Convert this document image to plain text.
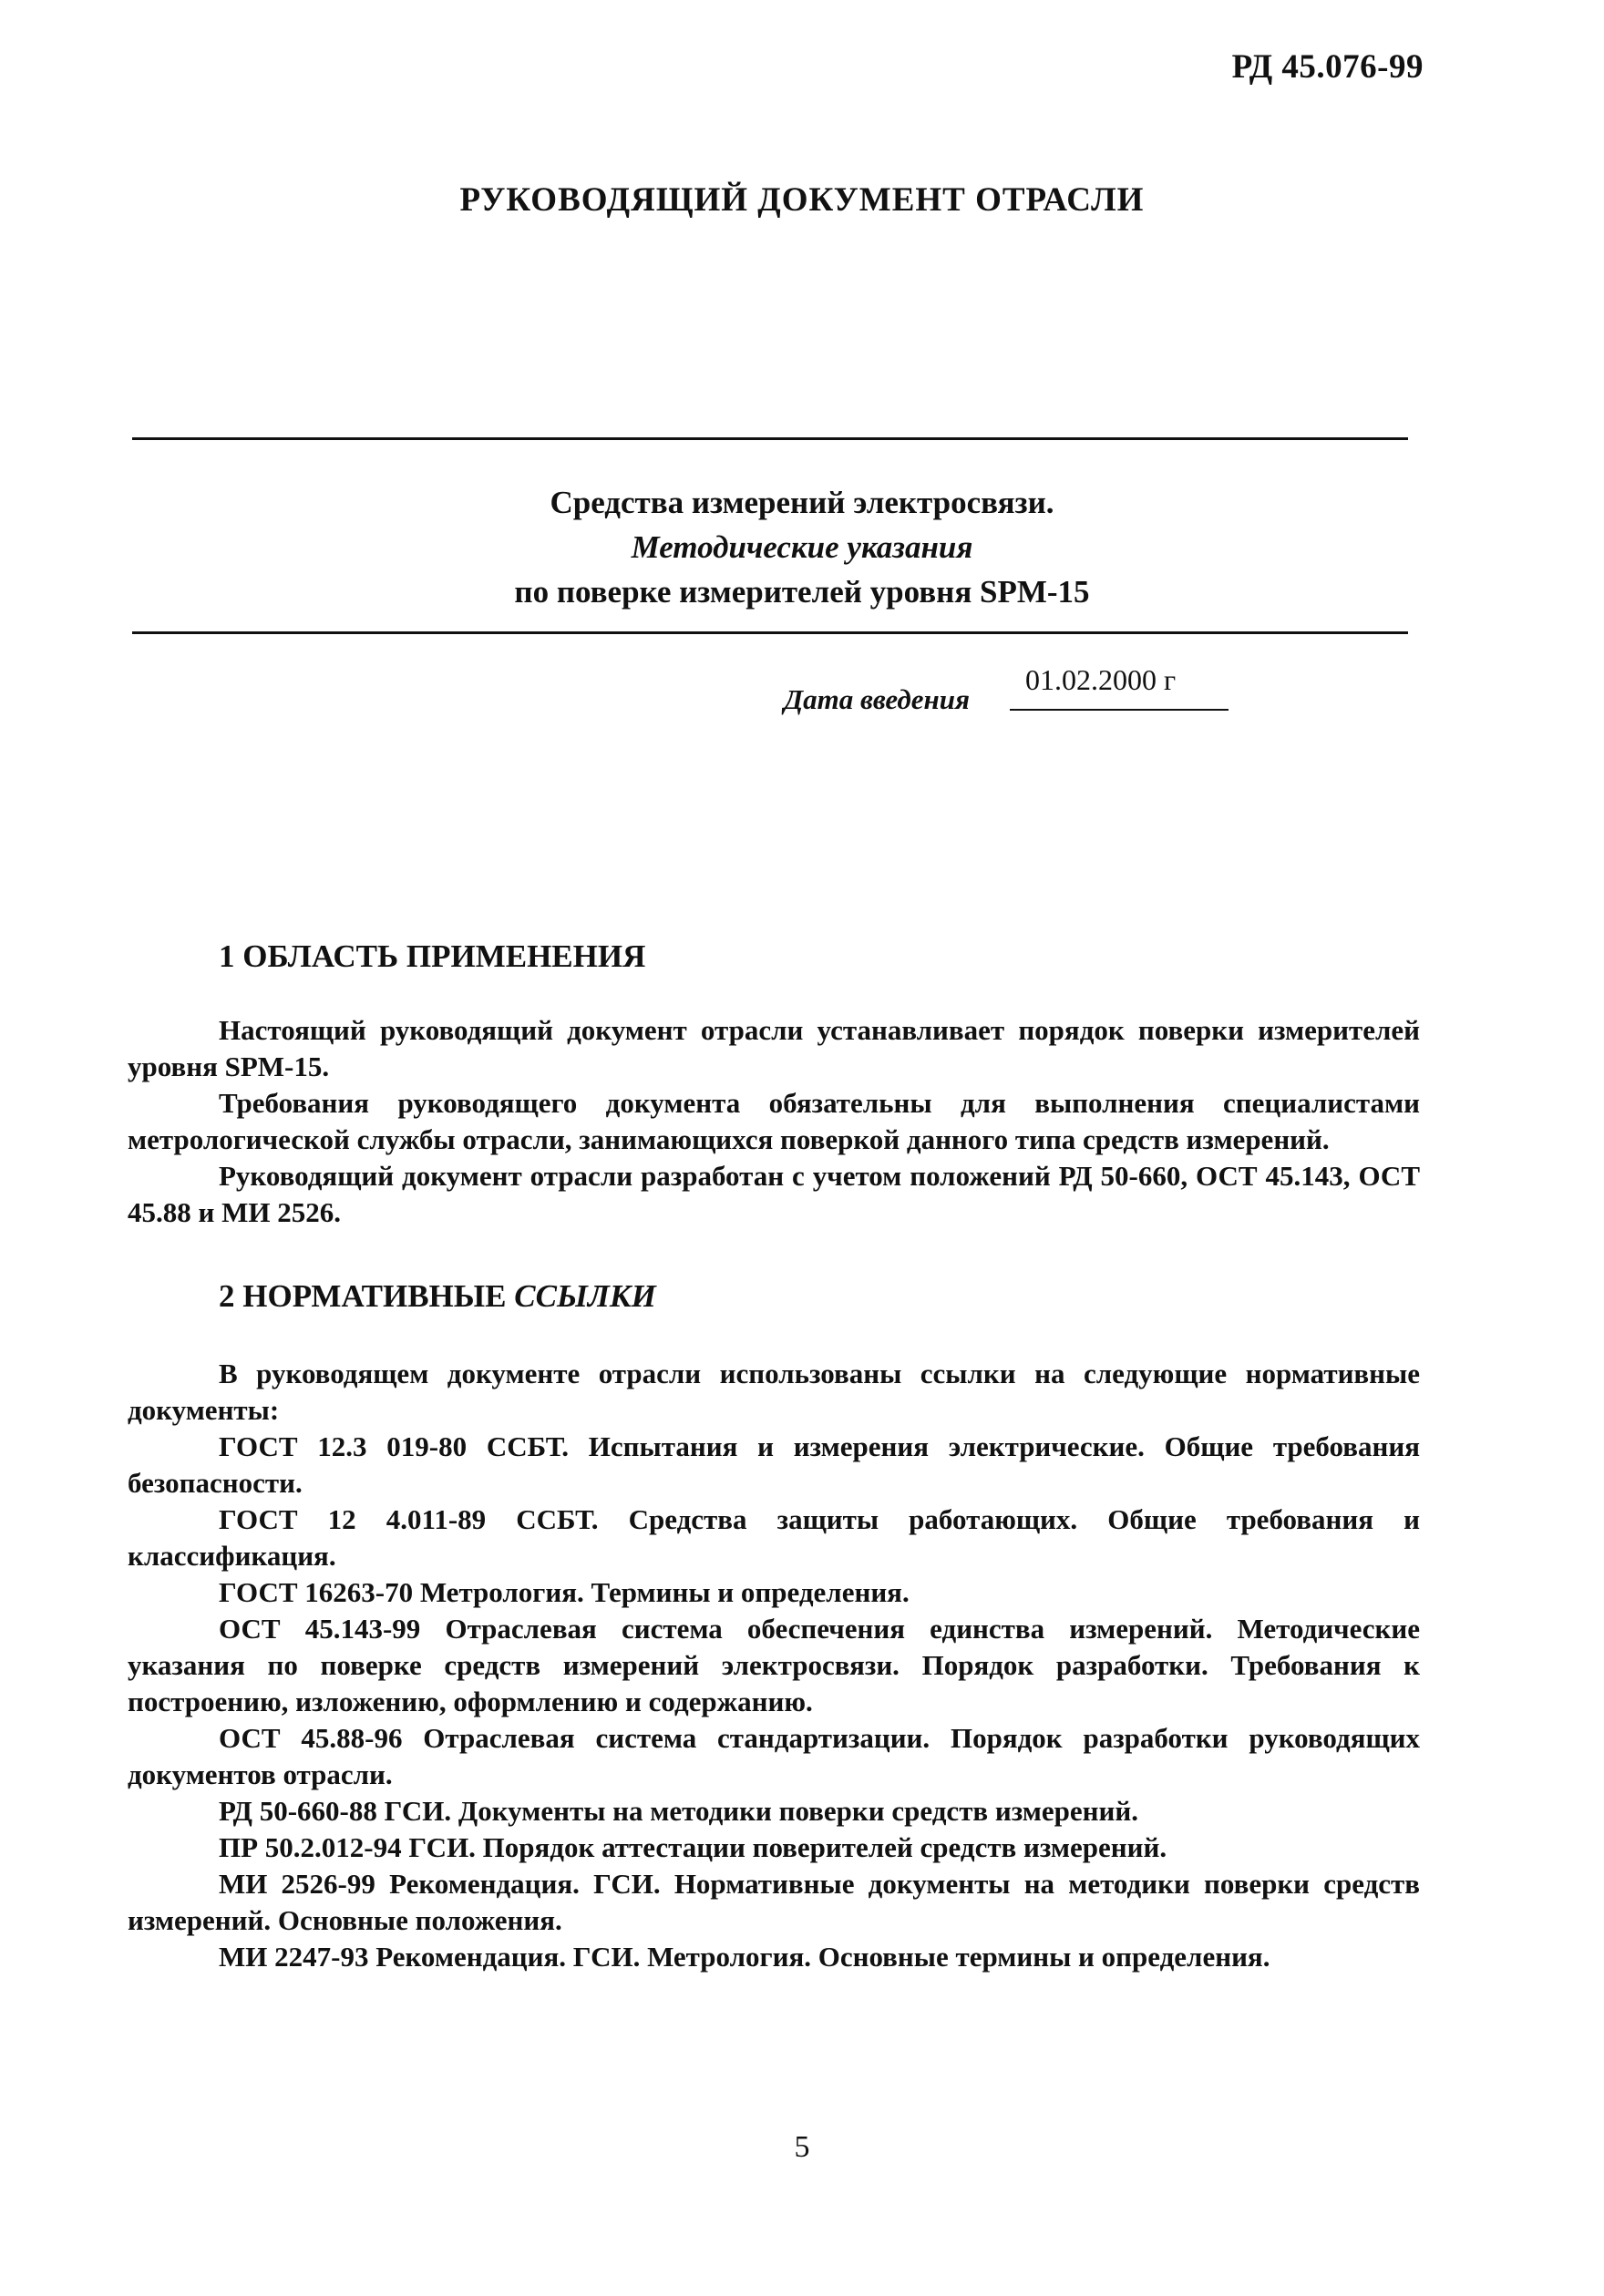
РД 45.076-99
РУКОВОДЯЩИЙ ДОКУМЕНТ ОТРАСЛИ
Средства измерений электросвязи.
Методические указания
по поверке измерителей уровня SPM-15
Дата введения
01.02.2000 г
1 ОБЛАСТЬ ПРИМЕНЕНИЯ

Настоящий руководящий документ отрасли устанавливает порядок поверки измерителей уровня SPM-15.

Требования руководящего документа обязательны для выполнения специалистами метрологической службы отрасли, занимающихся поверкой данного типа средств измерений.

Руководящий документ отрасли разработан с учетом положений РД 50-660, ОСТ 45.143, ОСТ 45.88 и МИ 2526.

2 НОРМАТИВНЫЕ ССЫЛКИ

В руководящем документе отрасли использованы ссылки на следующие нормативные документы:

ГОСТ 12.3 019-80 ССБТ. Испытания и измерения электрические. Общие требования безопасности.

ГОСТ 12 4.011-89 ССБТ. Средства защиты работающих. Общие требования и классификация.

ГОСТ 16263-70 Метрология. Термины и определения.

ОСТ 45.143-99 Отраслевая система обеспечения единства измерений. Методические указания по поверке средств измерений электросвязи. Порядок разработки. Требования к построению, изложению, оформлению и содержанию.

ОСТ 45.88-96 Отраслевая система стандартизации. Порядок разработки руководящих документов отрасли.

РД 50-660-88 ГСИ. Документы на методики поверки средств измерений.

ПР 50.2.012-94 ГСИ. Порядок аттестации поверителей средств измерений.

МИ 2526-99 Рекомендация. ГСИ. Нормативные документы на методики поверки средств измерений. Основные положения.

МИ 2247-93 Рекомендация. ГСИ. Метрология. Основные термины и определения.

5
